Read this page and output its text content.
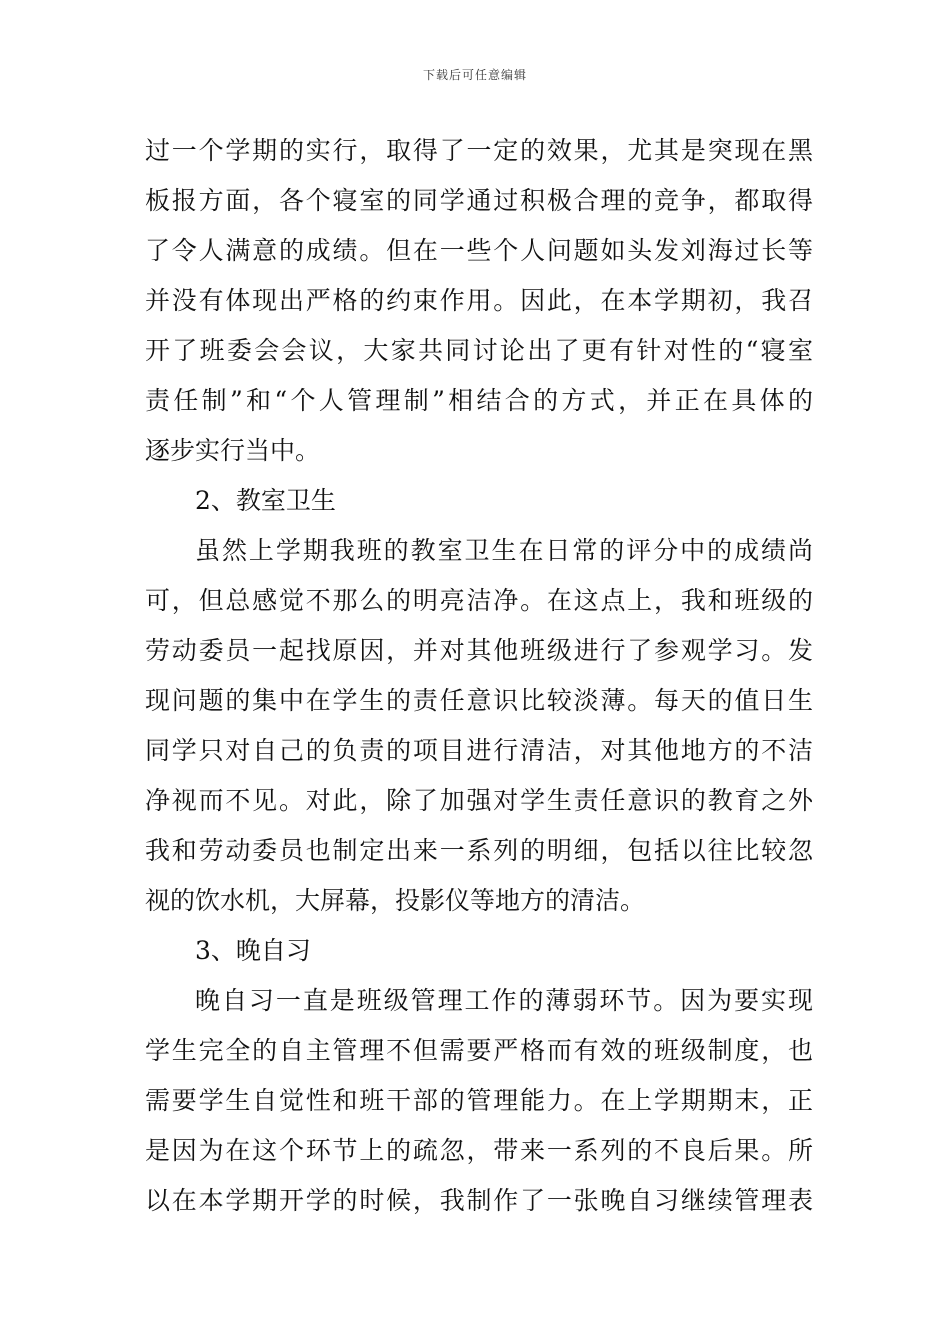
下载后可任意编辑
过一个学期的实行，取得了一定的效果，尤其是突现在黑
板报方面，各个寝室的同学通过积极合理的竞争，都取得
了令人满意的成绩。但在一些个人问题如头发刘海过长等
并没有体现出严格的约束作用。因此，在本学期初，我召
开了班委会会议，大家共同讨论出了更有针对性的“寝室
责任制”和“个人管理制”相结合的方式，并正在具体的
逐步实行当中。
2、教室卫生
虽然上学期我班的教室卫生在日常的评分中的成绩尚
可，但总感觉不那么的明亮洁净。在这点上，我和班级的
劳动委员一起找原因，并对其他班级进行了参观学习。发
现问题的集中在学生的责任意识比较淡薄。每天的值日生
同学只对自己的负责的项目进行清洁，对其他地方的不洁
净视而不见。对此，除了加强对学生责任意识的教育之外
我和劳动委员也制定出来一系列的明细，包括以往比较忽
视的饮水机，大屏幕，投影仪等地方的清洁。
3、晚自习
晚自习一直是班级管理工作的薄弱环节。因为要实现
学生完全的自主管理不但需要严格而有效的班级制度，也
需要学生自觉性和班干部的管理能力。在上学期期末，正
是因为在这个环节上的疏忽，带来一系列的不良后果。所
以在本学期开学的时候，我制作了一张晚自习继续管理表
